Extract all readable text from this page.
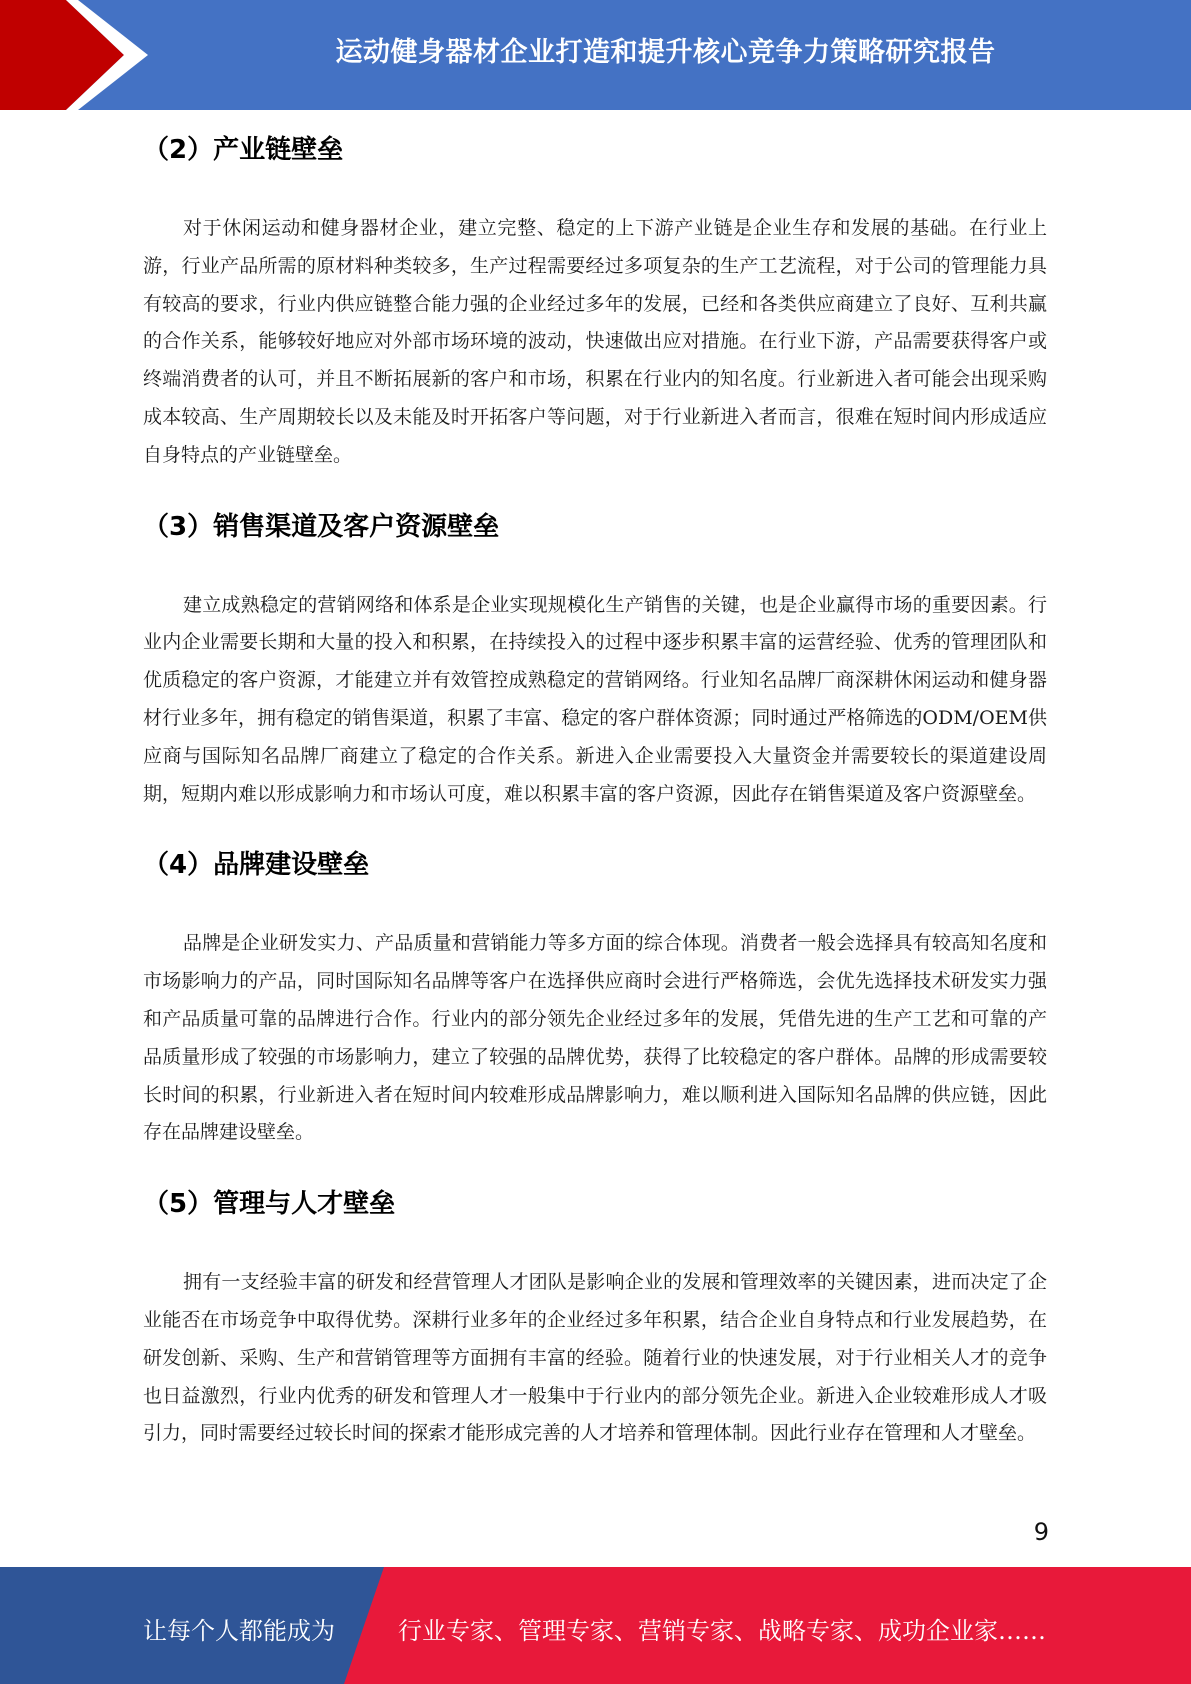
运动健身器材企业打造和提升核心竞争力策略研究报告
（2）产业链壁垒

对于休闲运动和健身器材企业，建立完整、稳定的上下游产业链是企业生存和发展的基础。在行业上游，行业产品所需的原材料种类较多，生产过程需要经过多项复杂的生产工艺流程，对于公司的管理能力具有较高的要求，行业内供应链整合能力强的企业经过多年的发展，已经和各类供应商建立了良好、互利共赢的合作关系，能够较好地应对外部市场环境的波动，快速做出应对措施。在行业下游，产品需要获得客户或终端消费者的认可，并且不断拓展新的客户和市场，积累在行业内的知名度。行业新进入者可能会出现采购成本较高、生产周期较长以及未能及时开拓客户等问题，对于行业新进入者而言，很难在短时间内形成适应自身特点的产业链壁垒。

（3）销售渠道及客户资源壁垒

建立成熟稳定的营销网络和体系是企业实现规模化生产销售的关键，也是企业赢得市场的重要因素。行业内企业需要长期和大量的投入和积累，在持续投入的过程中逐步积累丰富的运营经验、优秀的管理团队和优质稳定的客户资源，才能建立并有效管控成熟稳定的营销网络。行业知名品牌厂商深耕休闲运动和健身器材行业多年，拥有稳定的销售渠道，积累了丰富、稳定的客户群体资源；同时通过严格筛选的ODM/OEM供应商与国际知名品牌厂商建立了稳定的合作关系。新进入企业需要投入大量资金并需要较长的渠道建设周期，短期内难以形成影响力和市场认可度，难以积累丰富的客户资源，因此存在销售渠道及客户资源壁垒。

（4）品牌建设壁垒

品牌是企业研发实力、产品质量和营销能力等多方面的综合体现。消费者一般会选择具有较高知名度和市场影响力的产品，同时国际知名品牌等客户在选择供应商时会进行严格筛选，会优先选择技术研发实力强和产品质量可靠的品牌进行合作。行业内的部分领先企业经过多年的发展，凭借先进的生产工艺和可靠的产品质量形成了较强的市场影响力，建立了较强的品牌优势，获得了比较稳定的客户群体。品牌的形成需要较长时间的积累，行业新进入者在短时间内较难形成品牌影响力，难以顺利进入国际知名品牌的供应链，因此存在品牌建设壁垒。

（5）管理与人才壁垒

拥有一支经验丰富的研发和经营管理人才团队是影响企业的发展和管理效率的关键因素，进而决定了企业能否在市场竞争中取得优势。深耕行业多年的企业经过多年积累，结合企业自身特点和行业发展趋势，在研发创新、采购、生产和营销管理等方面拥有丰富的经验。随着行业的快速发展，对于行业相关人才的竞争也日益激烈，行业内优秀的研发和管理人才一般集中于行业内的部分领先企业。新进入企业较难形成人才吸引力，同时需要经过较长时间的探索才能形成完善的人才培养和管理体制。因此行业存在管理和人才壁垒。

9
让每个人都能成为	行业专家、管理专家、营销专家、战略专家、成功企业家……
